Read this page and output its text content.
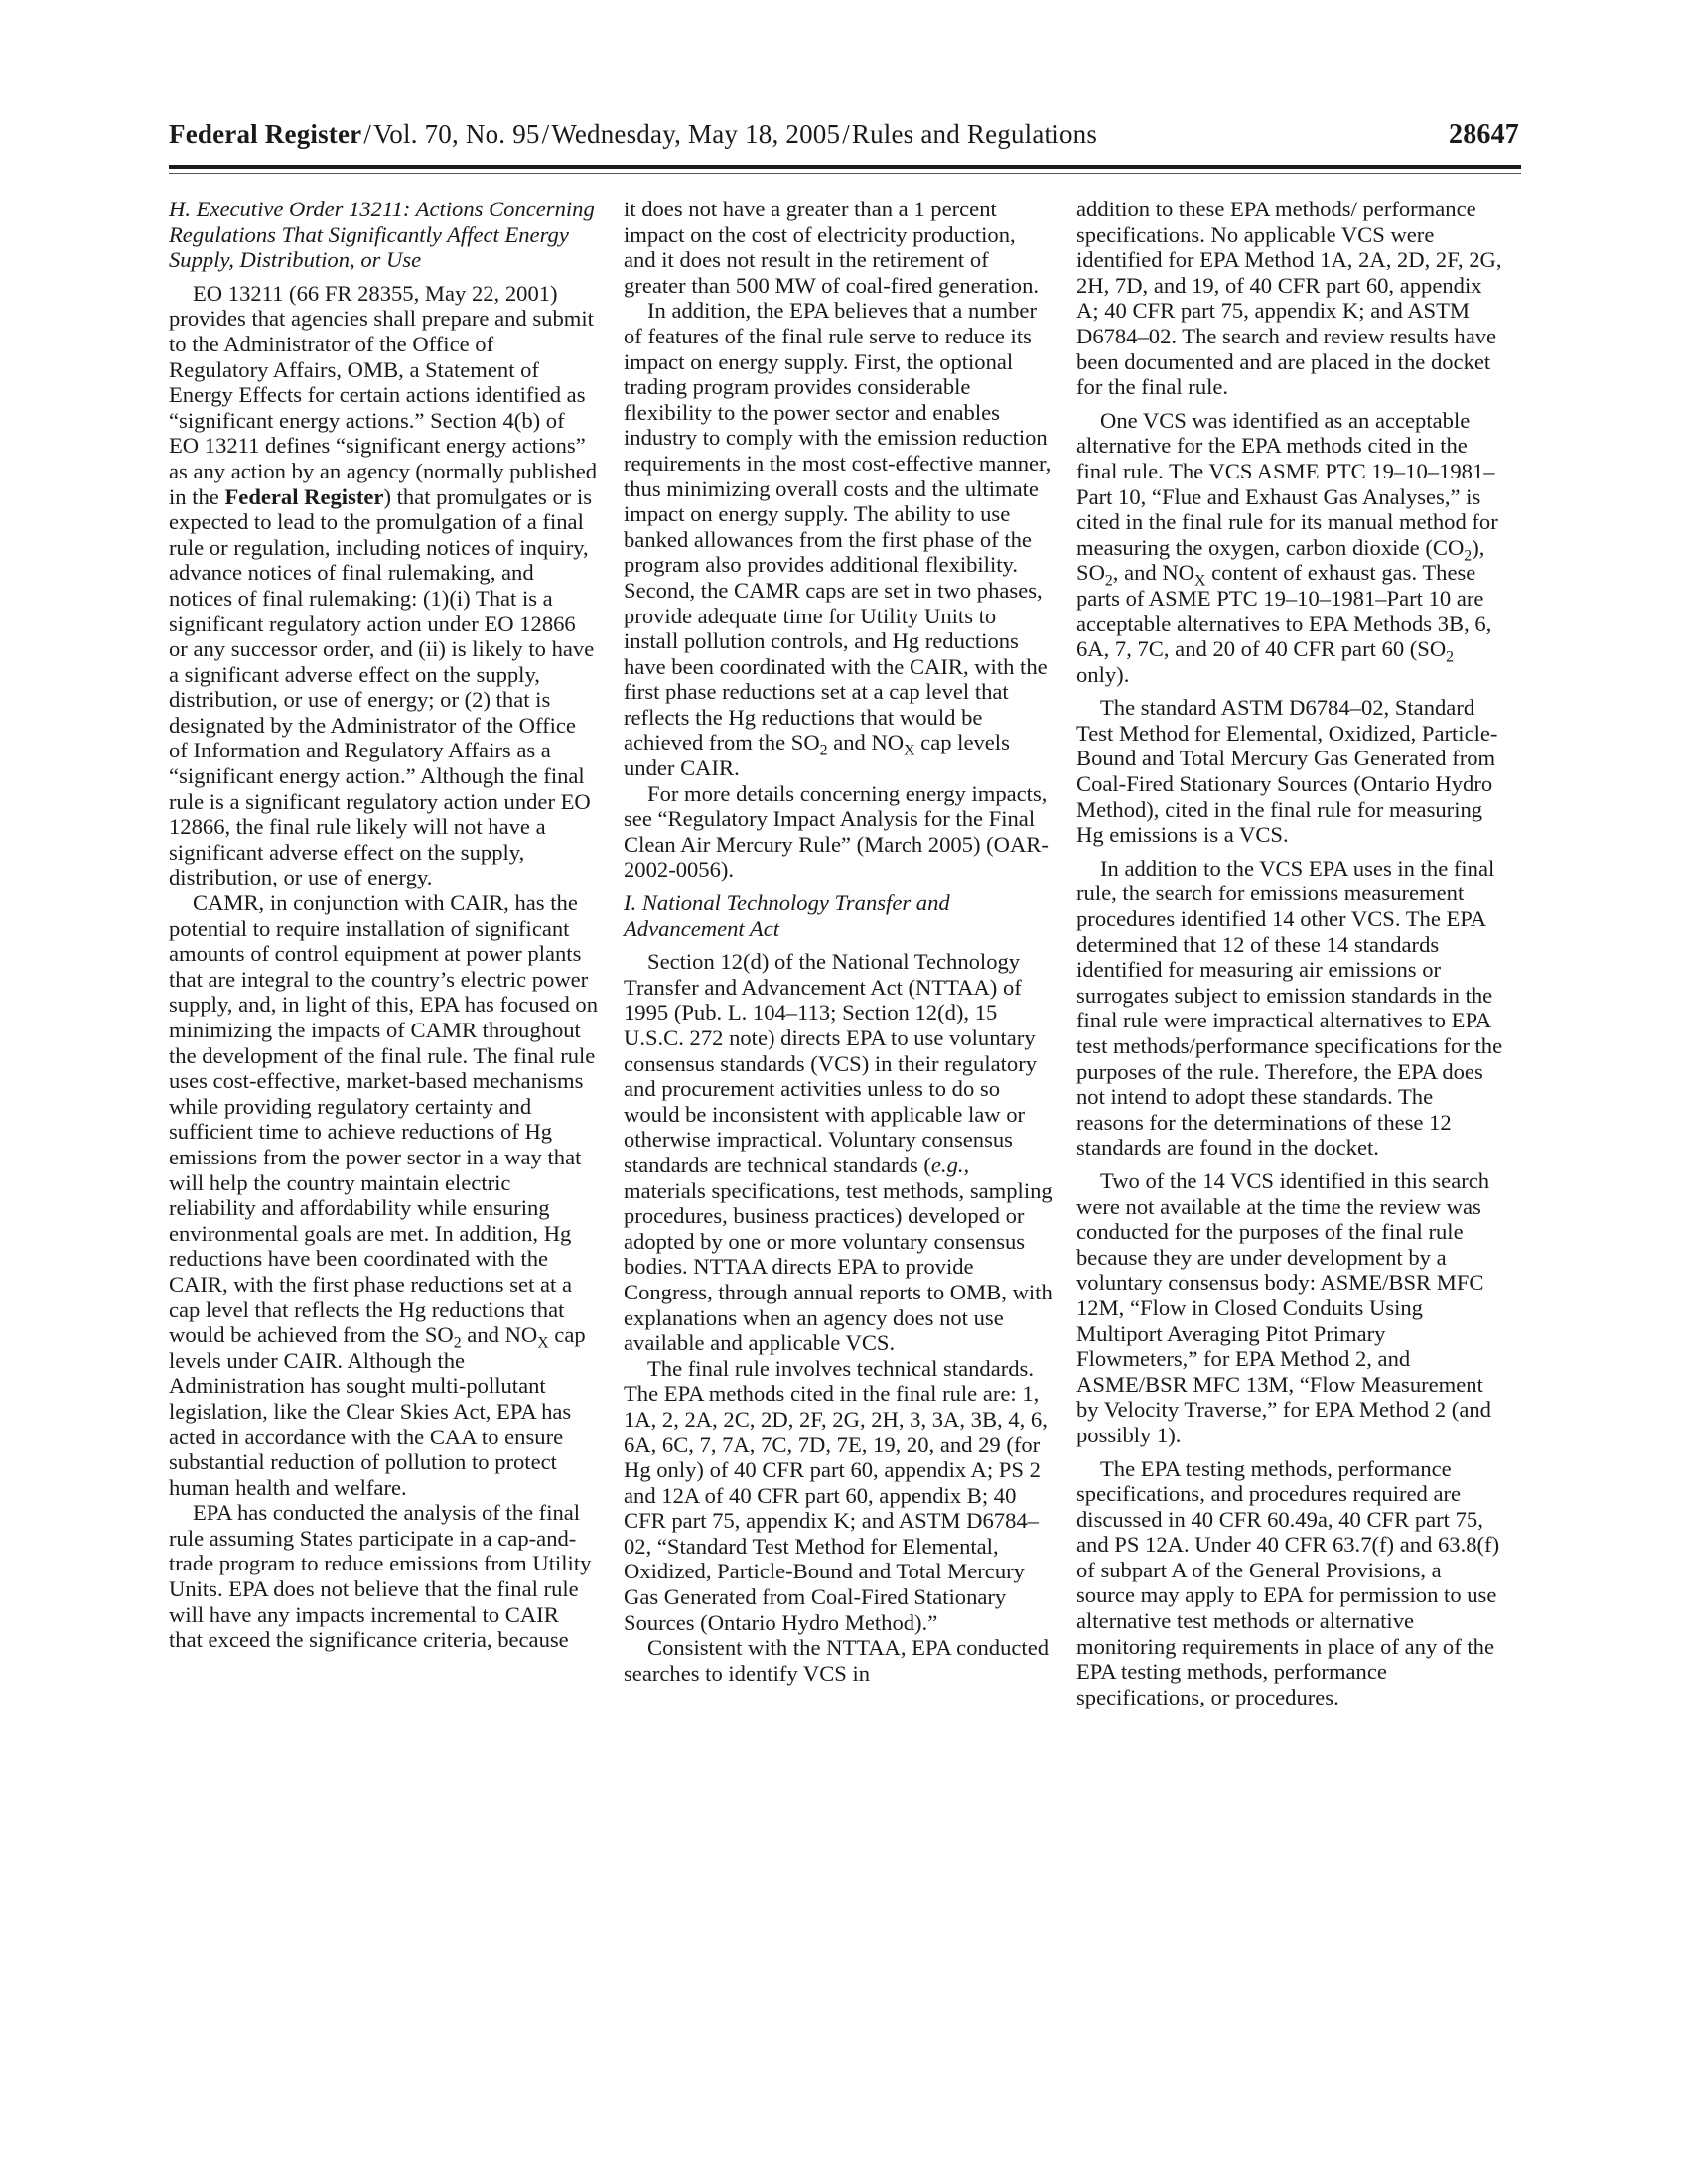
Federal Register / Vol. 70, No. 95 / Wednesday, May 18, 2005 / Rules and Regulations	28647

H. Executive Order 13211: Actions Concerning Regulations That Significantly Affect Energy Supply, Distribution, or Use

EO 13211 (66 FR 28355, May 22, 2001) provides that agencies shall prepare and submit to the Administrator of the Office of Regulatory Affairs, OMB, a Statement of Energy Effects for certain actions identified as “significant energy actions.” Section 4(b) of EO 13211 defines “significant energy actions” as any action by an agency (normally published in the Federal Register) that promulgates or is expected to lead to the promulgation of a final rule or regulation, including notices of inquiry, advance notices of final rulemaking, and notices of final rulemaking: (1)(i) That is a significant regulatory action under EO 12866 or any successor order, and (ii) is likely to have a significant adverse effect on the supply, distribution, or use of energy; or (2) that is designated by the Administrator of the Office of Information and Regulatory Affairs as a “significant energy action.” Although the final rule is a significant regulatory action under EO 12866, the final rule likely will not have a significant adverse effect on the supply, distribution, or use of energy.

CAMR, in conjunction with CAIR, has the potential to require installation of significant amounts of control equipment at power plants that are integral to the country’s electric power supply, and, in light of this, EPA has focused on minimizing the impacts of CAMR throughout the development of the final rule. The final rule uses cost-effective, market-based mechanisms while providing regulatory certainty and sufficient time to achieve reductions of Hg emissions from the power sector in a way that will help the country maintain electric reliability and affordability while ensuring environmental goals are met. In addition, Hg reductions have been coordinated with the CAIR, with the first phase reductions set at a cap level that reflects the Hg reductions that would be achieved from the $SO_2$ and $NO_X$ cap levels under CAIR. Although the Administration has sought multi-pollutant legislation, like the Clear Skies Act, EPA has acted in accordance with the CAA to ensure substantial reduction of pollution to protect human health and welfare.

EPA has conducted the analysis of the final rule assuming States participate in a cap-and-trade program to reduce emissions from Utility Units. EPA does not believe that the final rule will have any impacts incremental to CAIR that exceed the significance criteria, because

it does not have a greater than a 1 percent impact on the cost of electricity production, and it does not result in the retirement of greater than 500 MW of coal-fired generation.

In addition, the EPA believes that a number of features of the final rule serve to reduce its impact on energy supply. First, the optional trading program provides considerable flexibility to the power sector and enables industry to comply with the emission reduction requirements in the most cost-effective manner, thus minimizing overall costs and the ultimate impact on energy supply. The ability to use banked allowances from the first phase of the program also provides additional flexibility. Second, the CAMR caps are set in two phases, provide adequate time for Utility Units to install pollution controls, and Hg reductions have been coordinated with the CAIR, with the first phase reductions set at a cap level that reflects the Hg reductions that would be achieved from the $SO_2$ and $NO_X$ cap levels under CAIR.

For more details concerning energy impacts, see “Regulatory Impact Analysis for the Final Clean Air Mercury Rule” (March 2005) (OAR-2002-0056).

I. National Technology Transfer and Advancement Act

Section 12(d) of the National Technology Transfer and Advancement Act (NTTAA) of 1995 (Pub. L. 104–113; Section 12(d), 15 U.S.C. 272 note) directs EPA to use voluntary consensus standards (VCS) in their regulatory and procurement activities unless to do so would be inconsistent with applicable law or otherwise impractical. Voluntary consensus standards are technical standards (e.g., materials specifications, test methods, sampling procedures, business practices) developed or adopted by one or more voluntary consensus bodies. NTTAA directs EPA to provide Congress, through annual reports to OMB, with explanations when an agency does not use available and applicable VCS.

The final rule involves technical standards. The EPA methods cited in the final rule are: 1, 1A, 2, 2A, 2C, 2D, 2F, 2G, 2H, 3, 3A, 3B, 4, 6, 6A, 6C, 7, 7A, 7C, 7D, 7E, 19, 20, and 29 (for Hg only) of 40 CFR part 60, appendix A; PS 2 and 12A of 40 CFR part 60, appendix B; 40 CFR part 75, appendix K; and ASTM D6784–02, “Standard Test Method for Elemental, Oxidized, Particle-Bound and Total Mercury Gas Generated from Coal-Fired Stationary Sources (Ontario Hydro Method).”

Consistent with the NTTAA, EPA conducted searches to identify VCS in

addition to these EPA methods/ performance specifications. No applicable VCS were identified for EPA Method 1A, 2A, 2D, 2F, 2G, 2H, 7D, and 19, of 40 CFR part 60, appendix A; 40 CFR part 75, appendix K; and ASTM D6784–02. The search and review results have been documented and are placed in the docket for the final rule.

One VCS was identified as an acceptable alternative for the EPA methods cited in the final rule. The VCS ASME PTC 19–10–1981–Part 10, “Flue and Exhaust Gas Analyses,” is cited in the final rule for its manual method for measuring the oxygen, carbon dioxide $(CO_2)$, $SO_2$, and $NO_X$ content of exhaust gas. These parts of ASME PTC 19–10–1981–Part 10 are acceptable alternatives to EPA Methods 3B, 6, 6A, 7, 7C, and 20 of 40 CFR part 60 ($SO_2$ only).

The standard ASTM D6784–02, Standard Test Method for Elemental, Oxidized, Particle-Bound and Total Mercury Gas Generated from Coal-Fired Stationary Sources (Ontario Hydro Method), cited in the final rule for measuring Hg emissions is a VCS.

In addition to the VCS EPA uses in the final rule, the search for emissions measurement procedures identified 14 other VCS. The EPA determined that 12 of these 14 standards identified for measuring air emissions or surrogates subject to emission standards in the final rule were impractical alternatives to EPA test methods/performance specifications for the purposes of the rule. Therefore, the EPA does not intend to adopt these standards. The reasons for the determinations of these 12 standards are found in the docket.

Two of the 14 VCS identified in this search were not available at the time the review was conducted for the purposes of the final rule because they are under development by a voluntary consensus body: ASME/BSR MFC 12M, “Flow in Closed Conduits Using Multiport Averaging Pitot Primary Flowmeters,” for EPA Method 2, and ASME/BSR MFC 13M, “Flow Measurement by Velocity Traverse,” for EPA Method 2 (and possibly 1).

The EPA testing methods, performance specifications, and procedures required are discussed in 40 CFR 60.49a, 40 CFR part 75, and PS 12A. Under 40 CFR 63.7(f) and 63.8(f) of subpart A of the General Provisions, a source may apply to EPA for permission to use alternative test methods or alternative monitoring requirements in place of any of the EPA testing methods, performance specifications, or procedures.
